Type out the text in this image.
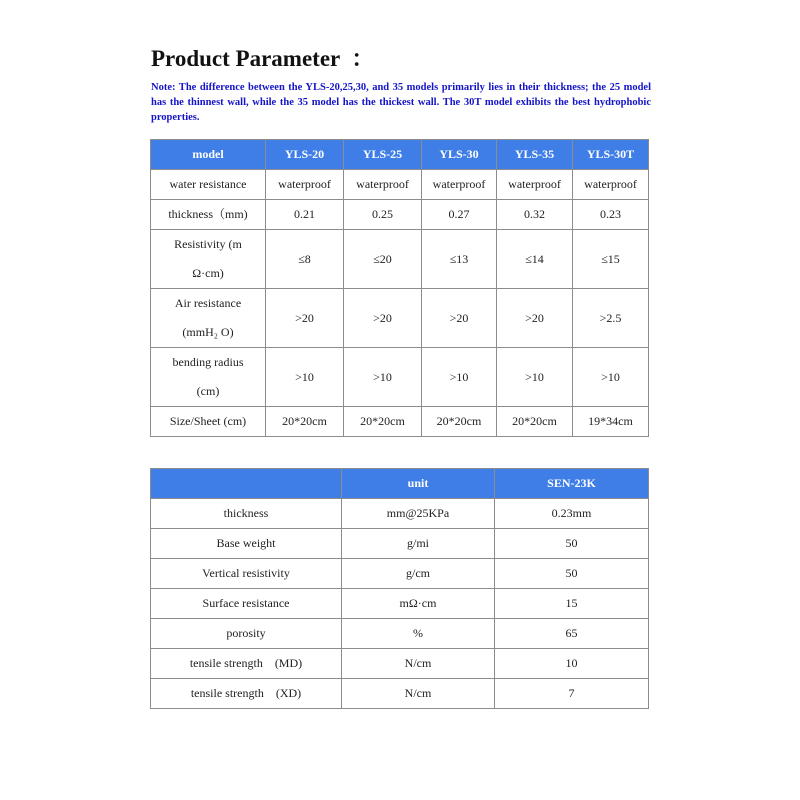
Product Parameter  ：
Note: The difference between the YLS-20,25,30, and 35 models primarily lies in their thickness; the 25 model has the thinnest wall, while the 35 model has the thickest wall. The 30T model exhibits the best hydrophobic properties.
model	YLS-20	YLS-25	YLS-30	YLS-35	YLS-30T
water resistance	waterproof	waterproof	waterproof	waterproof	waterproof
thickness（mm)	0.21	0.25	0.27	0.32	0.23

Resistivity (m
Ω·cm)	≤8	≤20	≤13	≤14	≤15

Air resistance
(mmH₂ O)	>20	>20	>20	>20	>2.5

bending radius
(cm)	>10	>10	>10	>10	>10
Size/Sheet (cm)	20*20cm	20*20cm	20*20cm	20*20cm	19*34cm
	unit	SEN-23K
thickness	mm@25KPa	0.23mm
Base weight	g/mi	50
Vertical resistivity	g/cm	50
Surface resistance	mΩ·cm	15
porosity	%	65
tensile strength　(MD)	N/cm	10
tensile strength　(XD)	N/cm	7
